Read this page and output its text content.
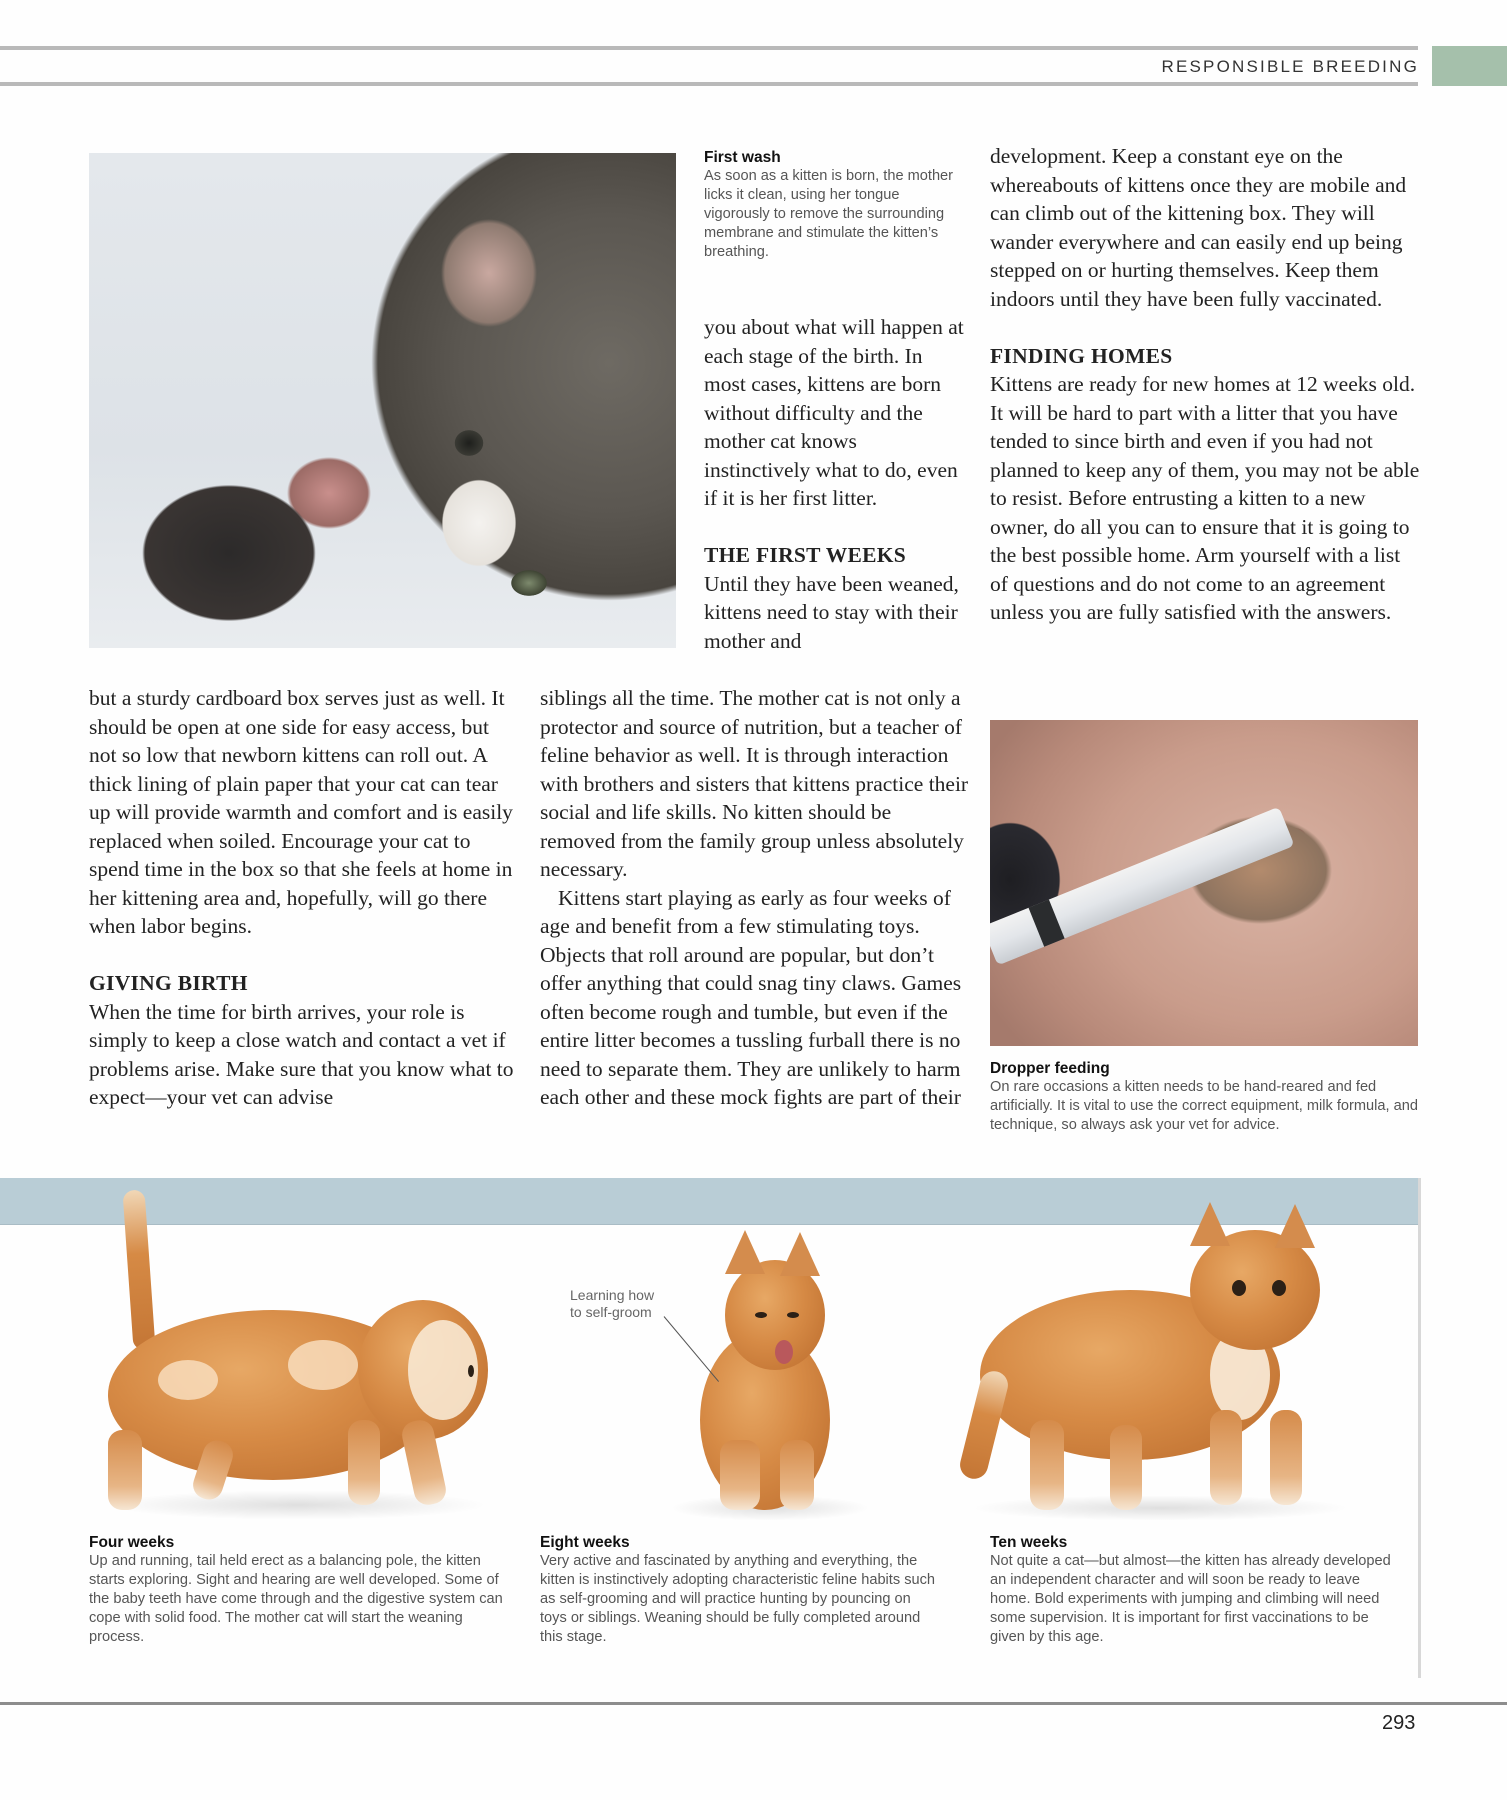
RESPONSIBLE BREEDING
First wash
As soon as a kitten is born, the mother licks it clean, using her tongue vigorously to remove the surrounding membrane and stimulate the kitten’s breathing.

you about what will happen at each stage of the birth. In most cases, kittens are born without difficulty and the mother cat knows instinctively what to do, even if it is her first litter.

THE FIRST WEEKS

Until they have been weaned, kittens need to stay with their mother and

but a sturdy cardboard box serves just as well. It should be open at one side for easy access, but not so low that newborn kittens can roll out. A thick lining of plain paper that your cat can tear up will provide warmth and comfort and is easily replaced when soiled. Encourage your cat to spend time in the box so that she feels at home in her kittening area and, hopefully, will go there when labor begins.

GIVING BIRTH

When the time for birth arrives, your role is simply to keep a close watch and contact a vet if problems arise. Make sure that you know what to expect—your vet can advise

siblings all the time. The mother cat is not only a protector and source of nutrition, but a teacher of feline behavior as well. It is through interaction with brothers and sisters that kittens practice their social and life skills. No kitten should be removed from the family group unless absolutely necessary.

Kittens start playing as early as four weeks of age and benefit from a few stimulating toys. Objects that roll around are popular, but don’t offer anything that could snag tiny claws. Games often become rough and tumble, but even if the entire litter becomes a tussling furball there is no need to separate them. They are unlikely to harm each other and these mock fights are part of their

development. Keep a constant eye on the whereabouts of kittens once they are mobile and can climb out of the kittening box. They will wander everywhere and can easily end up being stepped on or hurting themselves. Keep them indoors until they have been fully vaccinated.

FINDING HOMES

Kittens are ready for new homes at 12 weeks old. It will be hard to part with a litter that you have tended to since birth and even if you had not planned to keep any of them, you may not be able to resist. Before entrusting a kitten to a new owner, do all you can to ensure that it is going to the best possible home. Arm yourself with a list of questions and do not come to an agreement unless you are fully satisfied with the answers.

Dropper feeding
On rare occasions a kitten needs to be hand-reared and fed artificially. It is vital to use the correct equipment, milk formula, and technique, so always ask your vet for advice.
Learning how
to self-groom
Four weeks
Up and running, tail held erect as a balancing pole, the kitten starts exploring. Sight and hearing are well developed. Some of the baby teeth have come through and the digestive system can cope with solid food. The mother cat will start the weaning process.
Eight weeks
Very active and fascinated by anything and everything, the kitten is instinctively adopting characteristic feline habits such as self-grooming and will practice hunting by pouncing on toys or siblings. Weaning should be fully completed around this stage.
Ten weeks
Not quite a cat—but almost—the kitten has already developed an independent character and will soon be ready to leave home. Bold experiments with jumping and climbing will need some supervision. It is important for first vaccinations to be given by this age.
293
